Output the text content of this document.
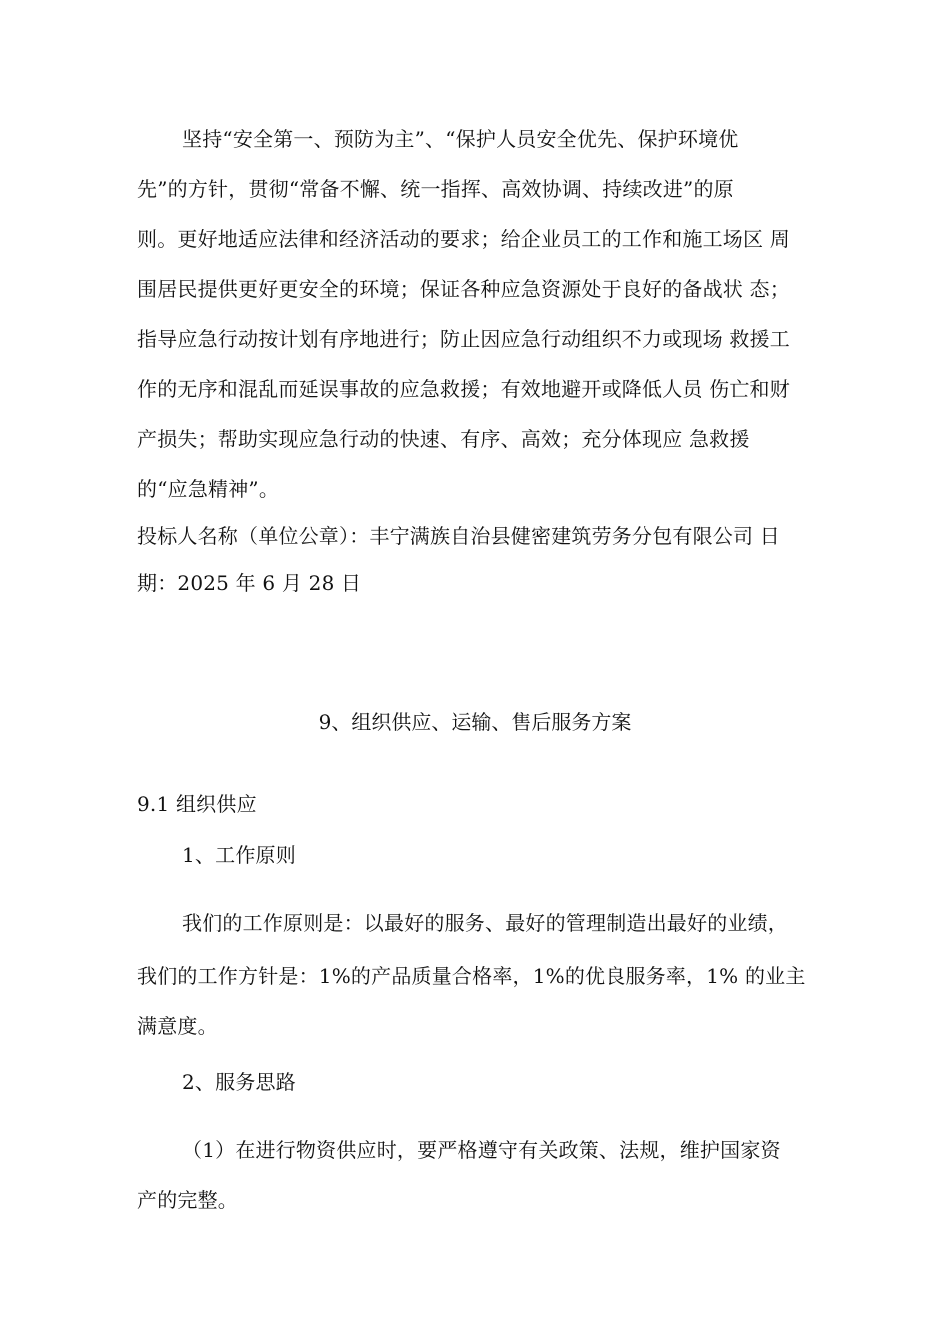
坚持“安全第一、预防为主”、“保护人员安全优先、保护环境优
先”的方针，贯彻“常备不懈、统一指挥、高效协调、持续改进”的原
则。更好地适应法律和经济活动的要求；给企业员工的工作和施工场区 周
围居民提供更好更安全的环境；保证各种应急资源处于良好的备战状 态；
指导应急行动按计划有序地进行；防止因应急行动组织不力或现场 救援工
作的无序和混乱而延误事故的应急救援；有效地避开或降低人员 伤亡和财
产损失；帮助实现应急行动的快速、有序、高效；充分体现应 急救援
的“应急精神”。
投标人名称（单位公章）：丰宁满族自治县健密建筑劳务分包有限公司 日
期：2025 年 6 月 28 日
9、组织供应、运输、售后服务方案
9.1 组织供应
1、工作原则
我们的工作原则是：以最好的服务、最好的管理制造出最好的业绩，
我们的工作方针是：1%的产品质量合格率，1%的优良服务率，1% 的业主
满意度。
2、服务思路
（1）在进行物资供应时，要严格遵守有关政策、法规，维护国家资
产的完整。
